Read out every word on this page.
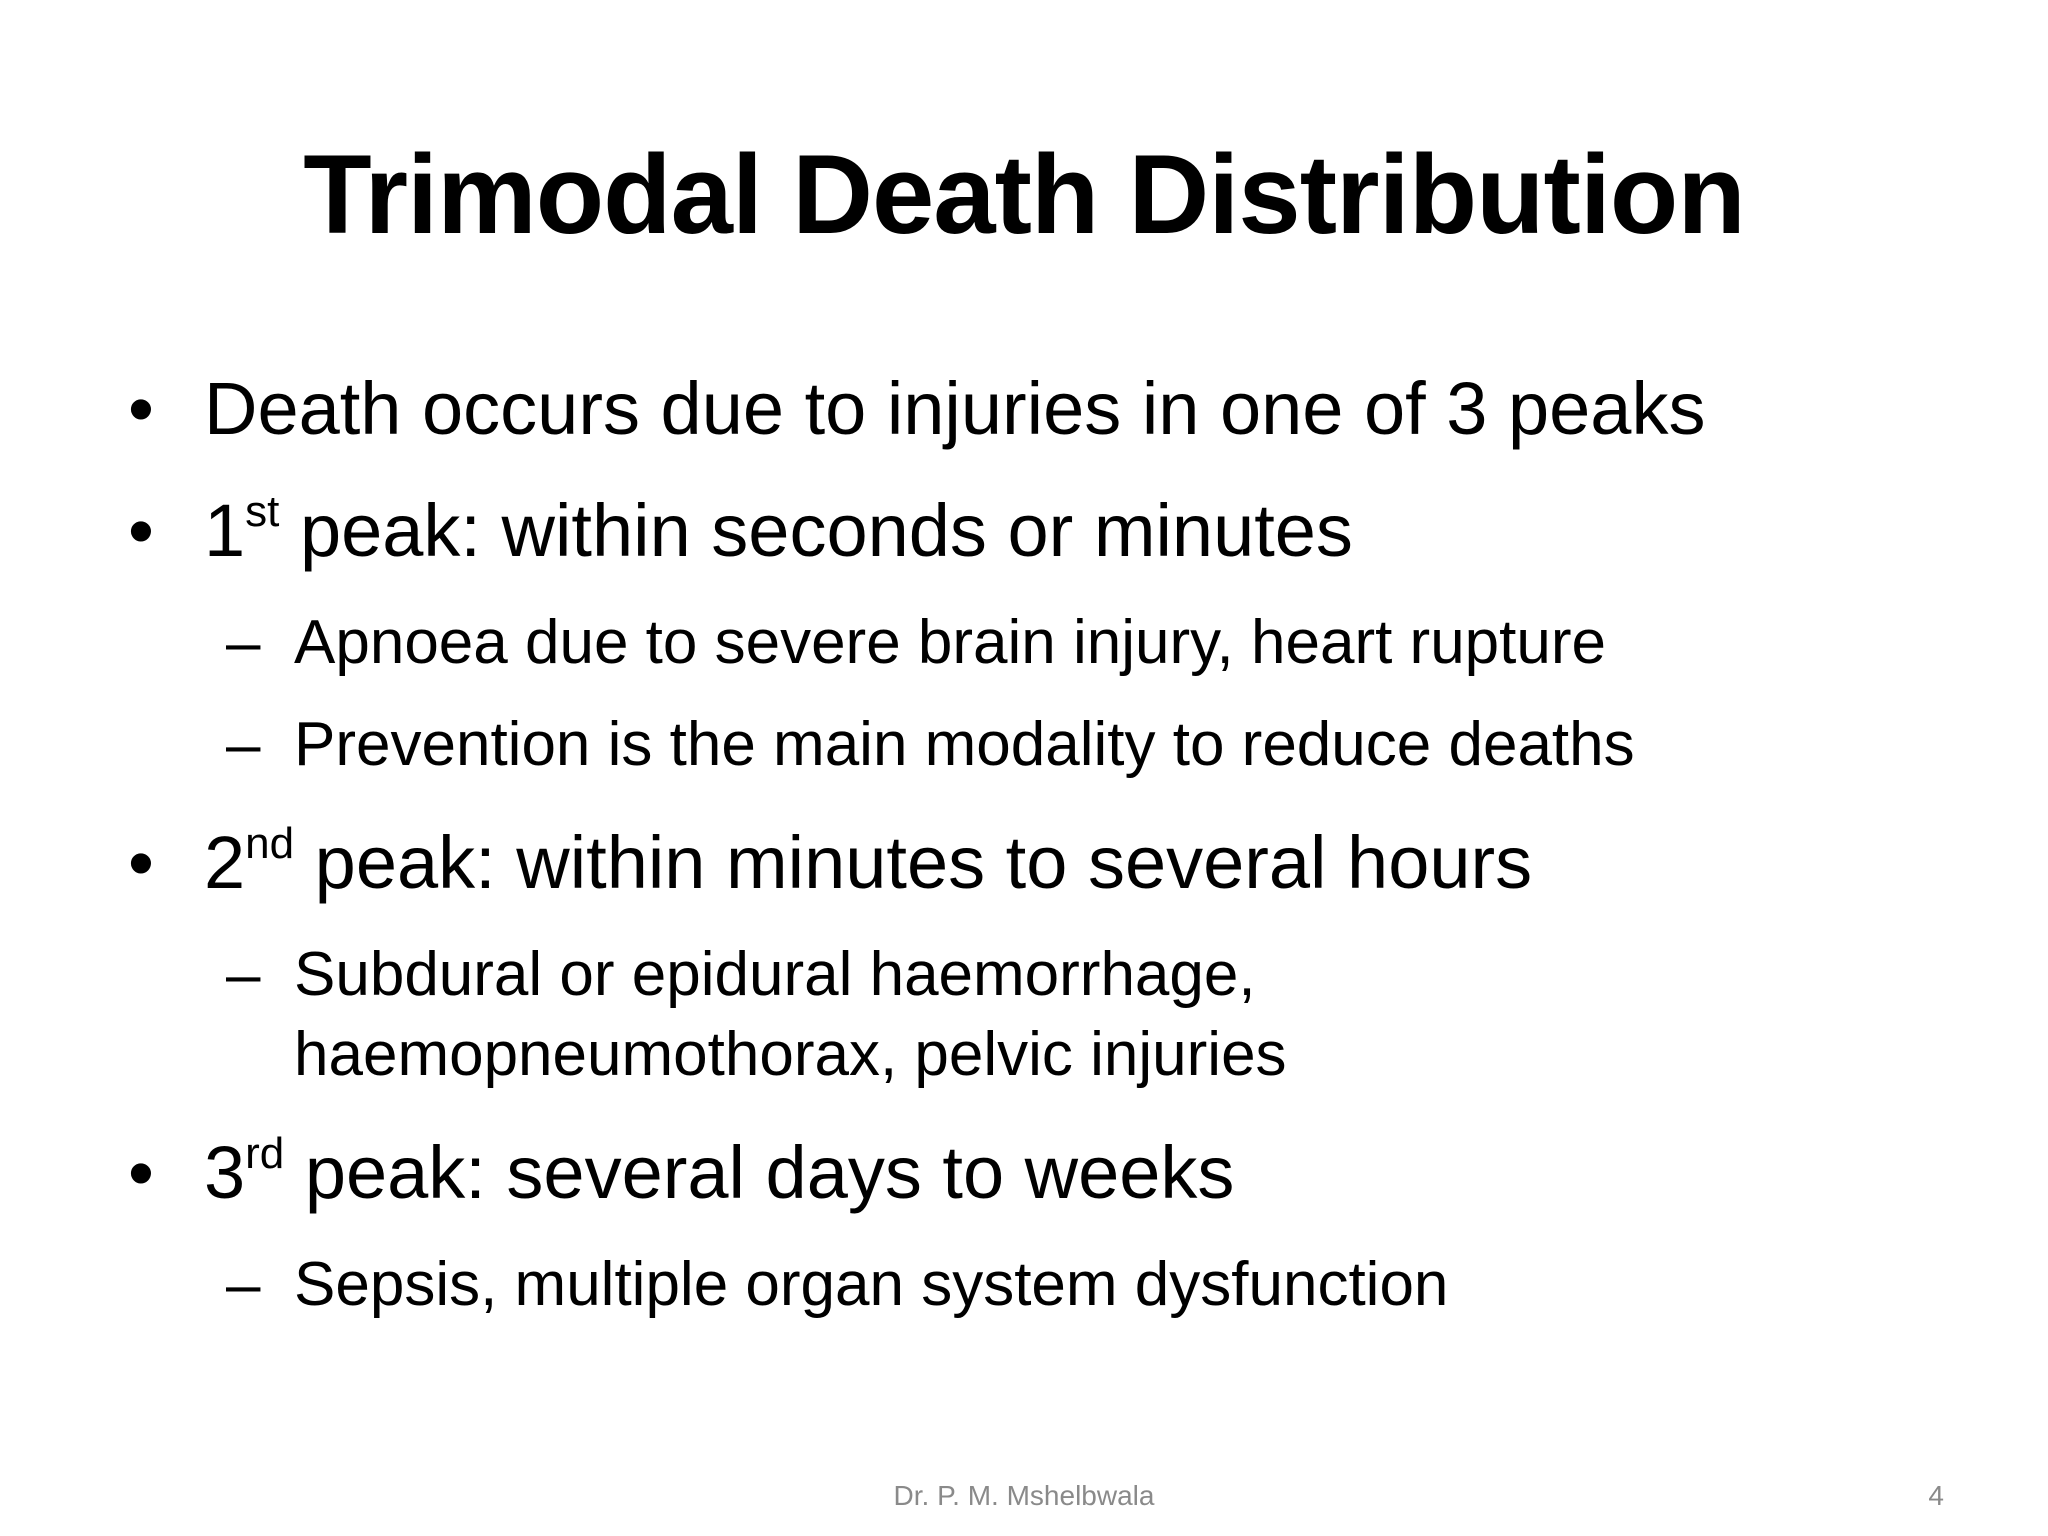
Trimodal Death Distribution
• Death occurs due to injuries in one of 3 peaks
• 1st peak: within seconds or minutes
– Apnoea due to severe brain injury, heart rupture
– Prevention is the main modality to reduce deaths
• 2nd peak: within minutes to several hours
– Subdural or epidural haemorrhage,
haemopneumothorax, pelvic injuries
• 3rd peak: several days to weeks
– Sepsis, multiple organ system dysfunction
Dr. P. M. Mshelbwala	4
